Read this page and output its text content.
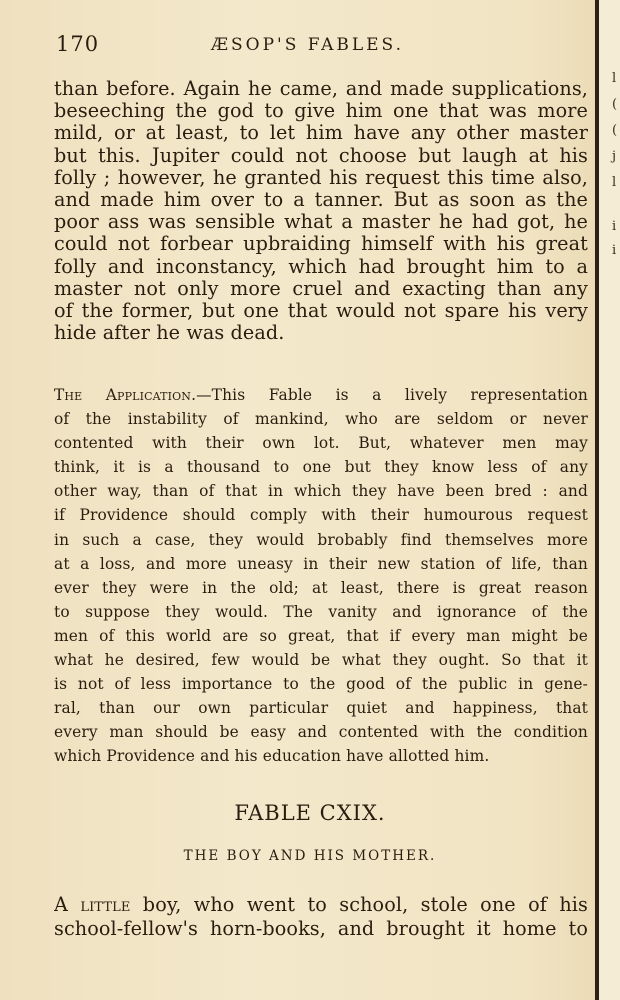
170	ÆSOP'S FABLES.
than before. Again he came, and made supplications,
beseeching the god to give him one that was more
mild, or at least, to let him have any other master
but this. Jupiter could not choose but laugh at his
folly ; however, he granted his request this time also,
and made him over to a tanner. But as soon as the
poor ass was sensible what a master he had got, he
could not forbear upbraiding himself with his great
folly and inconstancy, which had brought him to a
master not only more cruel and exacting than any
of the former, but one that would not spare his very
hide after he was dead.
The Application.—This Fable is a lively representation
of the instability of mankind, who are seldom or never
contented with their own lot. But, whatever men may
think, it is a thousand to one but they know less of any
other way, than of that in which they have been bred : and
if Providence should comply with their humourous request
in such a case, they would brobably find themselves more
at a loss, and more uneasy in their new station of life, than
ever they were in the old; at least, there is great reason
to suppose they would. The vanity and ignorance of the
men of this world are so great, that if every man might be
what he desired, few would be what they ought. So that it
is not of less importance to the good of the public in gene-
ral, than our own particular quiet and happiness, that
every man should be easy and contented with the condition
which Providence and his education have allotted him.
FABLE CXIX.
THE BOY AND HIS MOTHER.
A little boy, who went to school, stole one of his
school-fellow's horn-books, and brought it home to
l
(
(
j
l
i
i
